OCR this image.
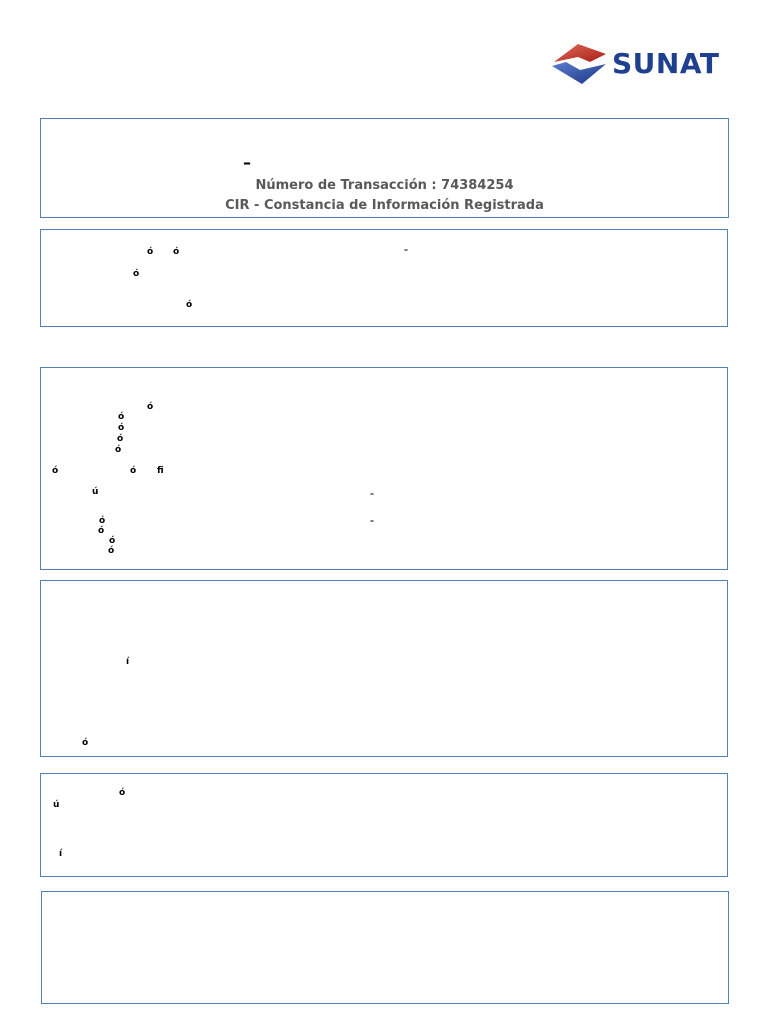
SUNAT
–
Número de Transacción : 74384254
CIR - Constancia de Información Registrada
ó ó	–
ó
ó
ó
ó
ó
ó
ó
ó	ó fi
ú	–
ó	–
ó
ó
ó
í
ó
ó
ú
í
